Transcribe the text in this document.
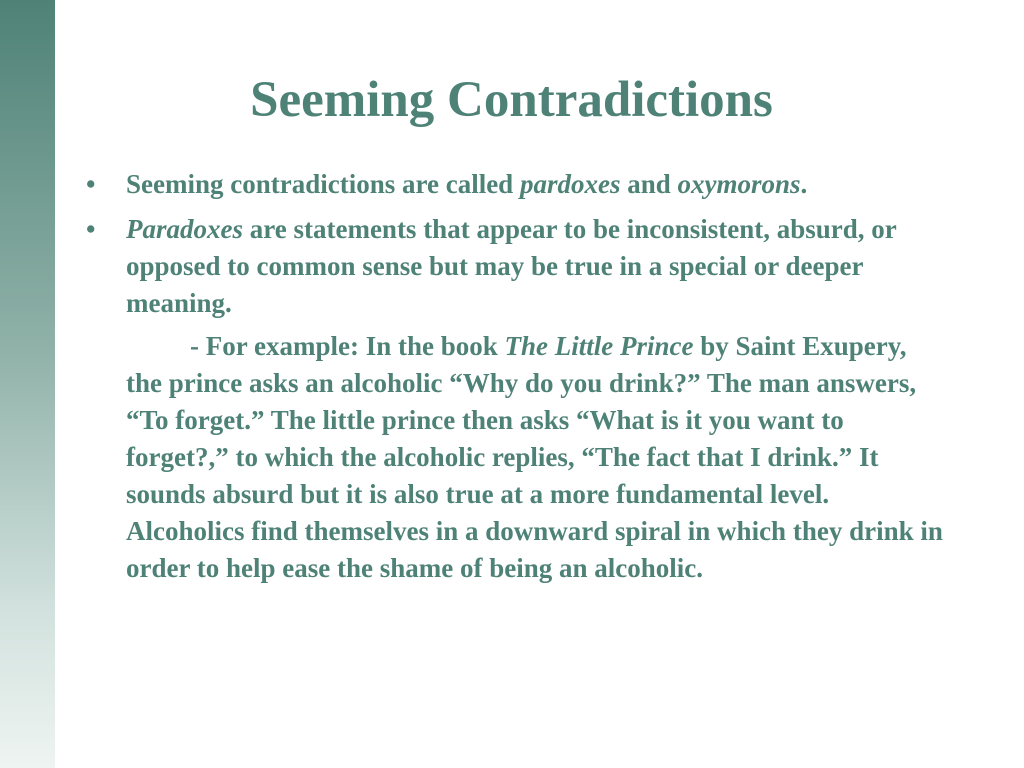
Seeming Contradictions
• Seeming contradictions are called pardoxes and oxymorons.
• Paradoxes are statements that appear to be inconsistent, absurd, or opposed to common sense but may be true in a special or deeper meaning.
- For example: In the book The Little Prince by Saint Exupery, the prince asks an alcoholic “Why do you drink?” The man answers, “To forget.” The little prince then asks “What is it you want to forget?,” to which the alcoholic replies, “The fact that I drink.” It sounds absurd but it is also true at a more fundamental level. Alcoholics find themselves in a downward spiral in which they drink in order to help ease the shame of being an alcoholic.
